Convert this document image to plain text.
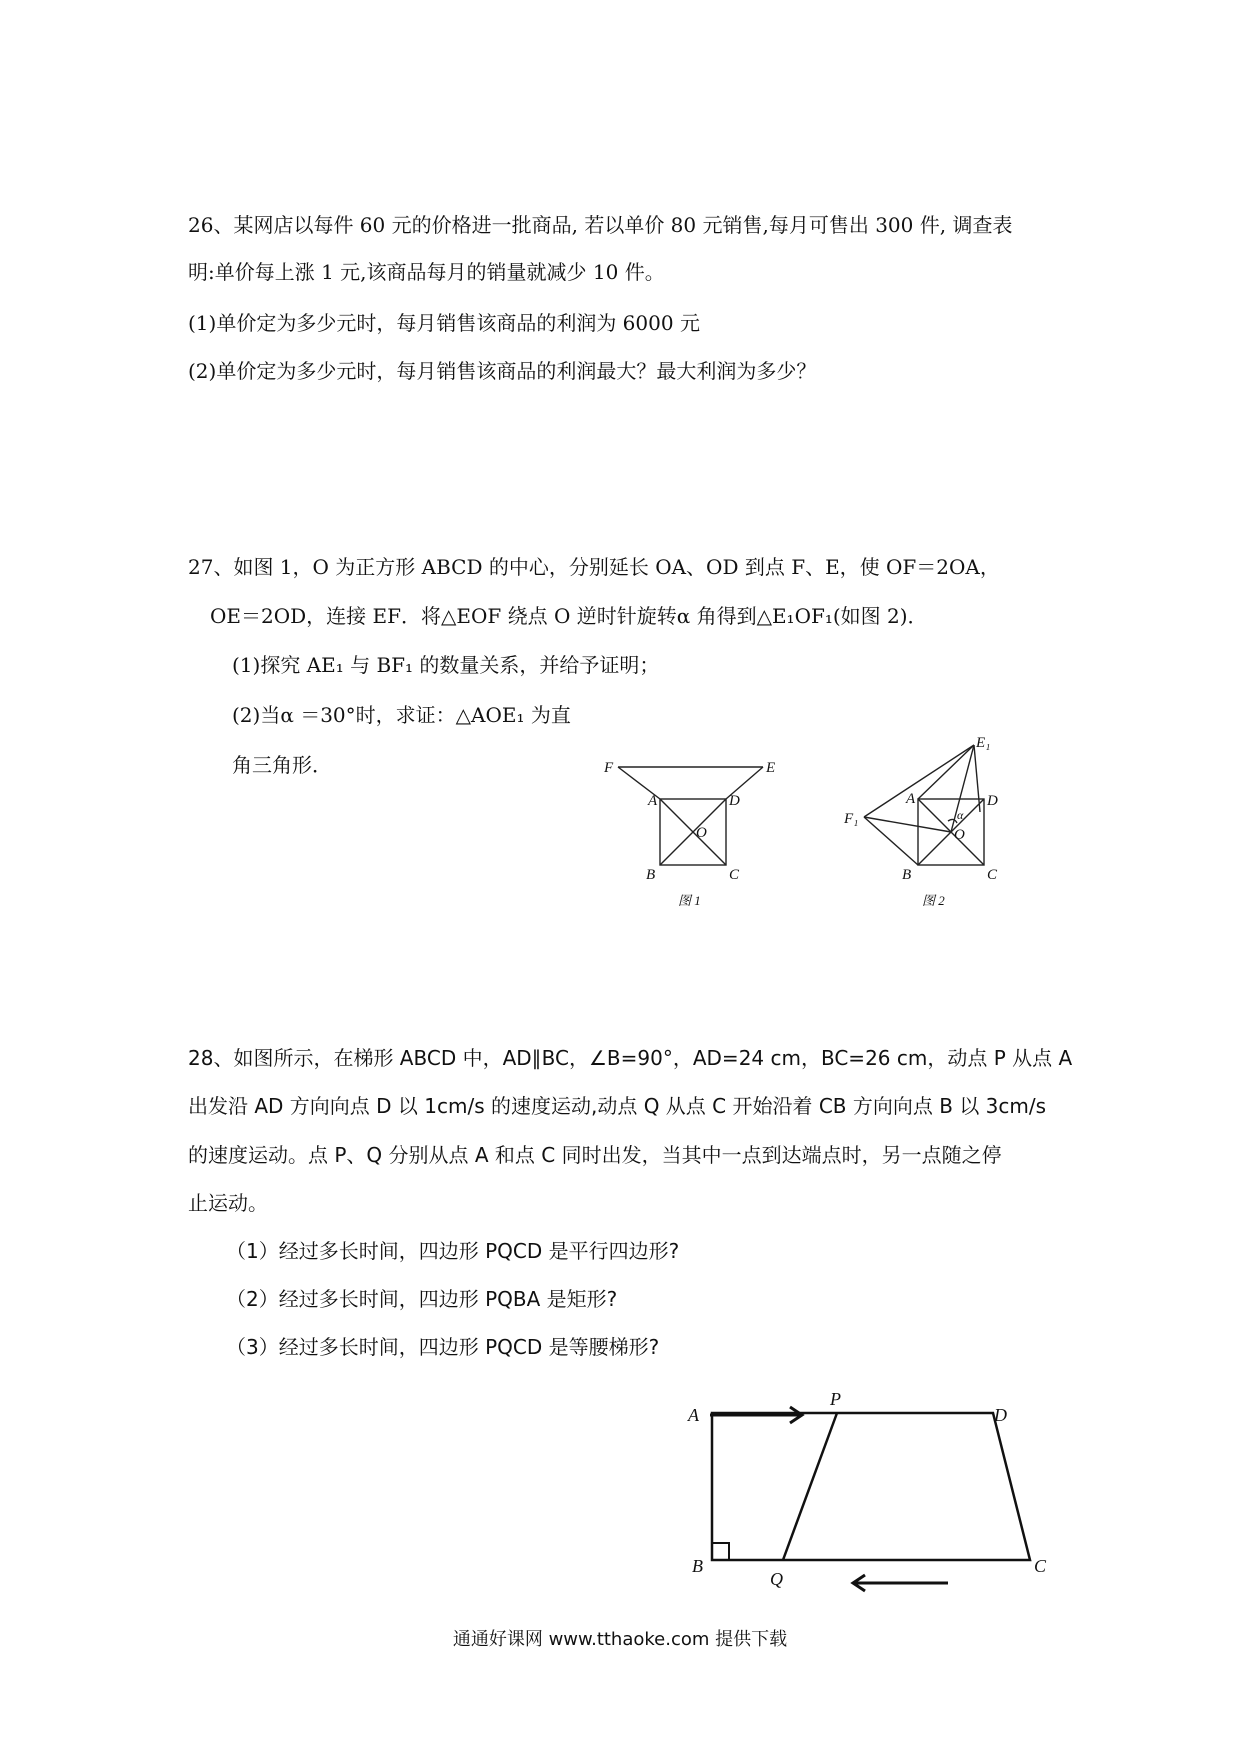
26、某网店以每件 60 元的价格进一批商品, 若以单价 80 元销售,每月可售出 300 件, 调查表
明:单价每上涨 1 元,该商品每月的销量就减少 10 件。
(1)单价定为多少元时，每月销售该商品的利润为 6000 元
(2)单价定为多少元时，每月销售该商品的利润最大？最大利润为多少？
27、如图 1，O 为正方形 ABCD 的中心，分别延长 OA、OD 到点 F、E，使 OF＝2OA，
OE＝2OD，连接 EF．将△EOF 绕点 O 逆时针旋转α 角得到△E₁OF₁(如图 2)．
(1)探究 AE₁ 与 BF₁ 的数量关系，并给予证明；
(2)当α ＝30°时，求证：△AOE₁ 为直
角三角形．	F	E
A	D
O
B	C
图 1
E₁
F₁
A	D
O
α
B	C
图 2
28、如图所示，在梯形 ABCD 中，AD∥BC，∠B=90°，AD=24 cm，BC=26 cm，动点 P 从点 A
出发沿 AD 方向向点 D 以 1cm/s 的速度运动,动点 Q 从点 C 开始沿着 CB 方向向点 B 以 3cm/s
的速度运动。点 P、Q 分别从点 A 和点 C 同时出发，当其中一点到达端点时，另一点随之停
止运动。
（1）经过多长时间，四边形 PQCD 是平行四边形?
（2）经过多长时间，四边形 PQBA 是矩形?
（3）经过多长时间，四边形 PQCD 是等腰梯形?
A
P
D
B
Q
C
通通好课网 www.tthaoke.com 提供下载
